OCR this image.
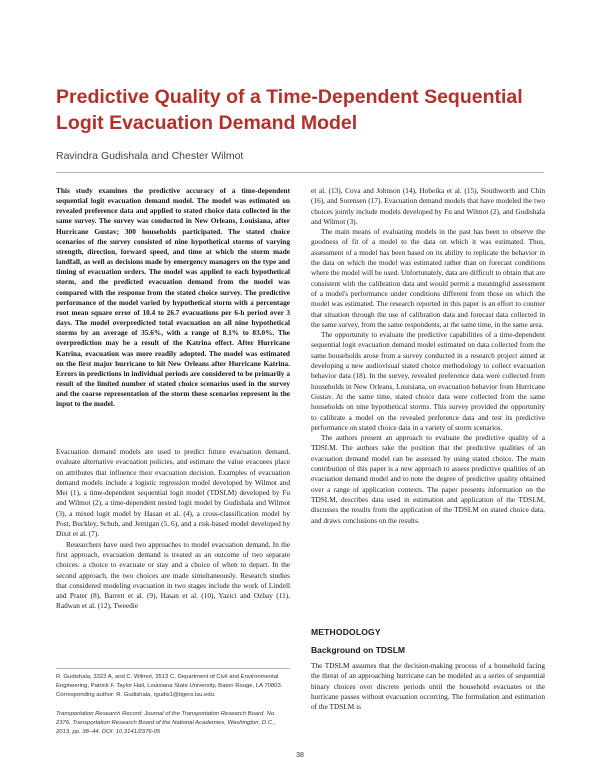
Predictive Quality of a Time-Dependent Sequential Logit Evacuation Demand Model
Ravindra Gudishala and Chester Wilmot

This study examines the predictive accuracy of a time-dependent sequential logit evacuation demand model. The model was estimated on revealed preference data and applied to stated choice data collected in the same survey. The survey was conducted in New Orleans, Louisiana, after Hurricane Gustav; 300 households participated. The stated choice scenarios of the survey consisted of nine hypothetical storms of varying strength, direction, forward speed, and time at which the storm made landfall, as well as decisions made by emergency managers on the type and timing of evacuation orders. The model was applied to each hypothetical storm, and the predicted evacuation demand from the model was compared with the response from the stated choice survey. The predictive performance of the model varied by hypothetical storm with a percentage root mean square error of 10.4 to 26.7 evacuations per 6-h period over 3 days. The model overpredicted total evacuation on all nine hypothetical storms by an average of 35.6%, with a range of 8.1% to 83.0%. The overprediction may be a result of the Katrina effect. After Hurricane Katrina, evacuation was more readily adopted. The model was estimated on the first major hurricane to hit New Orleans after Hurricane Katrina. Errors in predictions in individual periods are considered to be primarily a result of the limited number of stated choice scenarios used in the survey and the coarse representation of the storm these scenarios represent in the input to the model.

Evacuation demand models are used to predict future evacuation demand, evaluate alternative evacuation policies, and estimate the value evacuees place on attributes that influence their evacuation decision. Examples of evacuation demand models include a logistic regression model developed by Wilmot and Mei (1), a time-dependent sequential logit model (TDSLM) developed by Fu and Wilmot (2), a time-dependent nested logit model by Gudishala and Wilmot (3), a mixed logit model by Hasan et al. (4), a cross-classification model by Post, Buckley, Schuh, and Jernigan (5, 6), and a risk-based model developed by Dixit et al. (7).

Researchers have used two approaches to model evacuation demand. In the first approach, evacuation demand is treated as an outcome of two separate choices: a choice to evacuate or stay and a choice of when to depart. In the second approach, the two choices are made simultaneously. Research studies that considered modeling evacuation in two stages include the work of Lindell and Prater (8), Barrett et al. (9), Hasan et al. (10), Yazici and Ozbay (11), Radwan et al. (12), Tweedie

et al. (13), Cova and Johnson (14), Hobeika et al. (15), Southworth and Chin (16), and Sorensen (17). Evacuation demand models that have modeled the two choices jointly include models developed by Fu and Wilmot (2), and Gudishala and Wilmot (3).

The main means of evaluating models in the past has been to observe the goodness of fit of a model to the data on which it was estimated. Thus, assessment of a model has been based on its ability to replicate the behavior in the data on which the model was estimated rather than on forecast conditions where the model will be used. Unfortunately, data are difficult to obtain that are consistent with the calibration data and would permit a meaningful assessment of a model's performance under conditions different from those on which the model was estimated. The research reported in this paper is an effort to counter that situation through the use of calibration data and forecast data collected in the same survey, from the same respondents, at the same time, in the same area.

The opportunity to evaluate the predictive capabilities of a time-dependent sequential logit evacuation demand model estimated on data collected from the same households arose from a survey conducted in a research project aimed at developing a new audiovisual stated choice methodology to collect evacuation behavior data (18). In the survey, revealed preference data were collected from households in New Orleans, Louisiana, on evacuation behavior from Hurricane Gustav. At the same time, stated choice data were collected from the same households on nine hypothetical storms. This survey provided the opportunity to calibrate a model on the revealed preference data and test its predictive performance on stated choice data in a variety of storm scenarios.

The authors present an approach to evaluate the predictive quality of a TDSLM. The authors take the position that the predictive qualities of an evacuation demand model can be assessed by using stated choice. The main contribution of this paper is a new approach to assess predictive qualities of an evacuation demand model and to note the degree of predictive quality obtained over a range of application contexts. The paper presents information on the TDSLM, describes data used in estimation and application of the TDSLM, discusses the results from the application of the TDSLM on stated choice data, and draws conclusions on the results.

METHODOLOGY
Background on TDSLM

The TDSLM assumes that the decision-making process of a household facing the threat of an approaching hurricane can be modeled as a series of sequential binary choices over discrete periods until the household evacuates or the hurricane passes without evacuation occurring. The formulation and estimation of the TDSLM is

R. Gudishala, 3323 A, and C. Wilmot, 3513 C, Department of Civil and Environmental Engineering, Patrick F. Taylor Hall, Louisiana State University, Baton Rouge, LA 70803. Corresponding author: R. Gudishala, rgudis1@tigers.lsu.edu.

Transportation Research Record: Journal of the Transportation Research Board, No. 2376, Transportation Research Board of the National Academies, Washington, D.C., 2013, pp. 38–44. DOI: 10.3141/2376-05

38
